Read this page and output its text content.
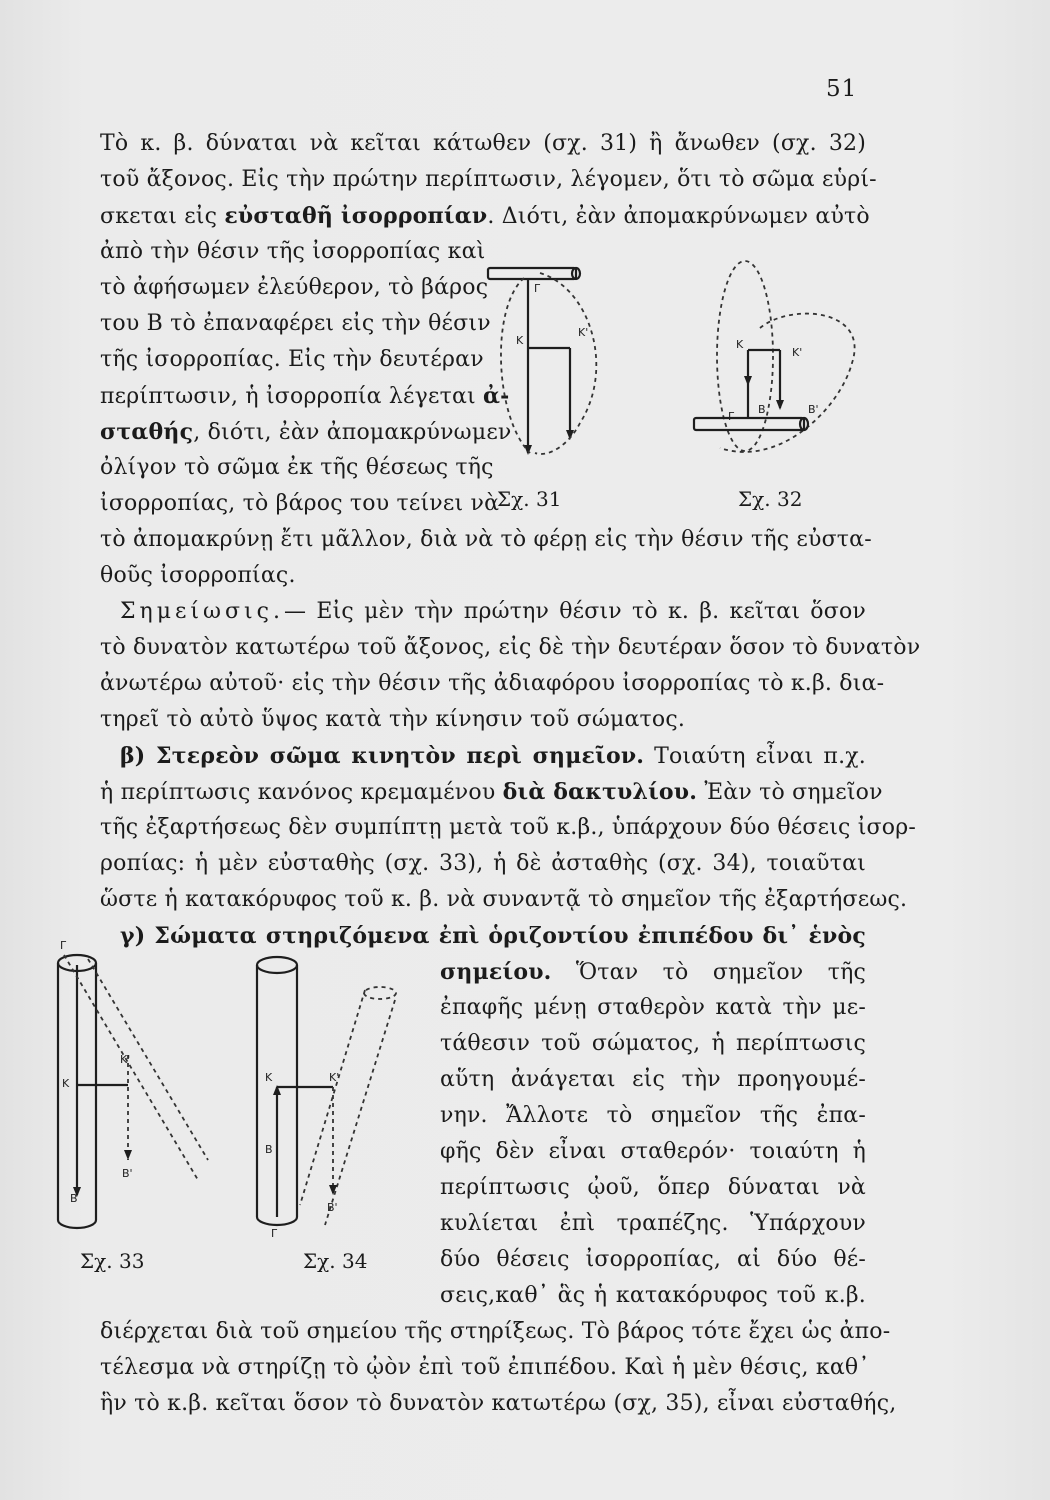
51
Τὸ κ. β. δύναται νὰ κεῖται κάτωθεν (σχ. 31) ἢ ἄνωθεν (σχ. 32)
τοῦ ἄξονος. Εἰς τὴν πρώτην περίπτωσιν, λέγομεν, ὅτι τὸ σῶμα εὑρί-
σκεται εἰς εὐσταθῆ ἰσορροπίαν. Διότι, ἐὰν ἀπομακρύνωμεν αὐτὸ
ἀπὸ τὴν θέσιν τῆς ἰσορροπίας καὶ
τὸ ἀφήσωμεν ἐλεύθερον, τὸ βάρος
του Β τὸ ἐπαναφέρει εἰς τὴν θέσιν
τῆς ἰσορροπίας. Εἰς τὴν δευτέραν
περίπτωσιν, ἡ ἰσορροπία λέγεται ἀ-
σταθής, διότι, ἐὰν ἀπομακρύνωμεν
ὀλίγον τὸ σῶμα ἐκ τῆς θέσεως τῆς
ἰσορροπίας, τὸ βάρος του τείνει νὰ
τὸ ἀπομακρύνῃ ἔτι μᾶλλον, διὰ νὰ τὸ φέρῃ εἰς τὴν θέσιν τῆς εὐστα-
θοῦς ἰσορροπίας.
Γ
Κ
Κ'
Σχ. 31
Κ
Κ'
Γ
Β	Β'
Σχ. 32
Σημείωσις.— Εἰς μὲν τὴν πρώτην θέσιν τὸ κ. β. κεῖται ὅσον
τὸ δυνατὸν κατωτέρω τοῦ ἄξονος, εἰς δὲ τὴν δευτέραν ὅσον τὸ δυνατὸν
ἀνωτέρω αὐτοῦ· εἰς τὴν θέσιν τῆς ἀδιαφόρου ἰσορροπίας τὸ κ.β. δια-
τηρεῖ τὸ αὐτὸ ὕψος κατὰ τὴν κίνησιν τοῦ σώματος.
β) Στερεὸν σῶμα κινητὸν περὶ σημεῖον. Τοιαύτη εἶναι π.χ.
ἡ περίπτωσις κανόνος κρεμαμένου διὰ δακτυλίου. Ἐὰν τὸ σημεῖον
τῆς ἐξαρτήσεως δὲν συμπίπτῃ μετὰ τοῦ κ.β., ὑπάρχουν δύο θέσεις ἰσορ-
ροπίας: ἡ μὲν εὐσταθὴς (σχ. 33), ἡ δὲ ἀσταθὴς (σχ. 34), τοιαῦται
ὥστε ἡ κατακόρυφος τοῦ κ. β. νὰ συναντᾷ τὸ σημεῖον τῆς ἐξαρτήσεως.
γ) Σώματα στηριζόμενα ἐπὶ ὁριζοντίου ἐπιπέδου δι᾿ ἑνὸς
σημείου. Ὅταν τὸ σημεῖον τῆς
ἐπαφῆς μένῃ σταθερὸν κατὰ τὴν με-
τάθεσιν τοῦ σώματος, ἡ περίπτωσις
αὕτη ἀνάγεται εἰς τὴν προηγουμέ-
νην. Ἄλλοτε τὸ σημεῖον τῆς ἐπα-
φῆς δὲν εἶναι σταθερόν· τοιαύτη ἡ
περίπτωσις ᾠοῦ, ὅπερ δύναται νὰ
κυλίεται ἐπὶ τραπέζης. Ὑπάρχουν
δύο θέσεις ἰσορροπίας, αἱ δύο θέ-
σεις,καθ᾿ ἃς ἡ κατακόρυφος τοῦ κ.β.
διέρχεται διὰ τοῦ σημείου τῆς στηρίξεως. Τὸ βάρος τότε ἔχει ὡς ἀπο-
τέλεσμα νὰ στηρίζῃ τὸ ᾠὸν ἐπὶ τοῦ ἐπιπέδου. Καὶ ἡ μὲν θέσις, καθ᾿
ἣν τὸ κ.β. κεῖται ὅσον τὸ δυνατὸν κατωτέρω (σχ, 35), εἶναι εὐσταθής,
Γ
Κ
Κ'
Β
Β'
Σχ. 33
Κ	Κ'
Β
Β'
Γ
Σχ. 34
